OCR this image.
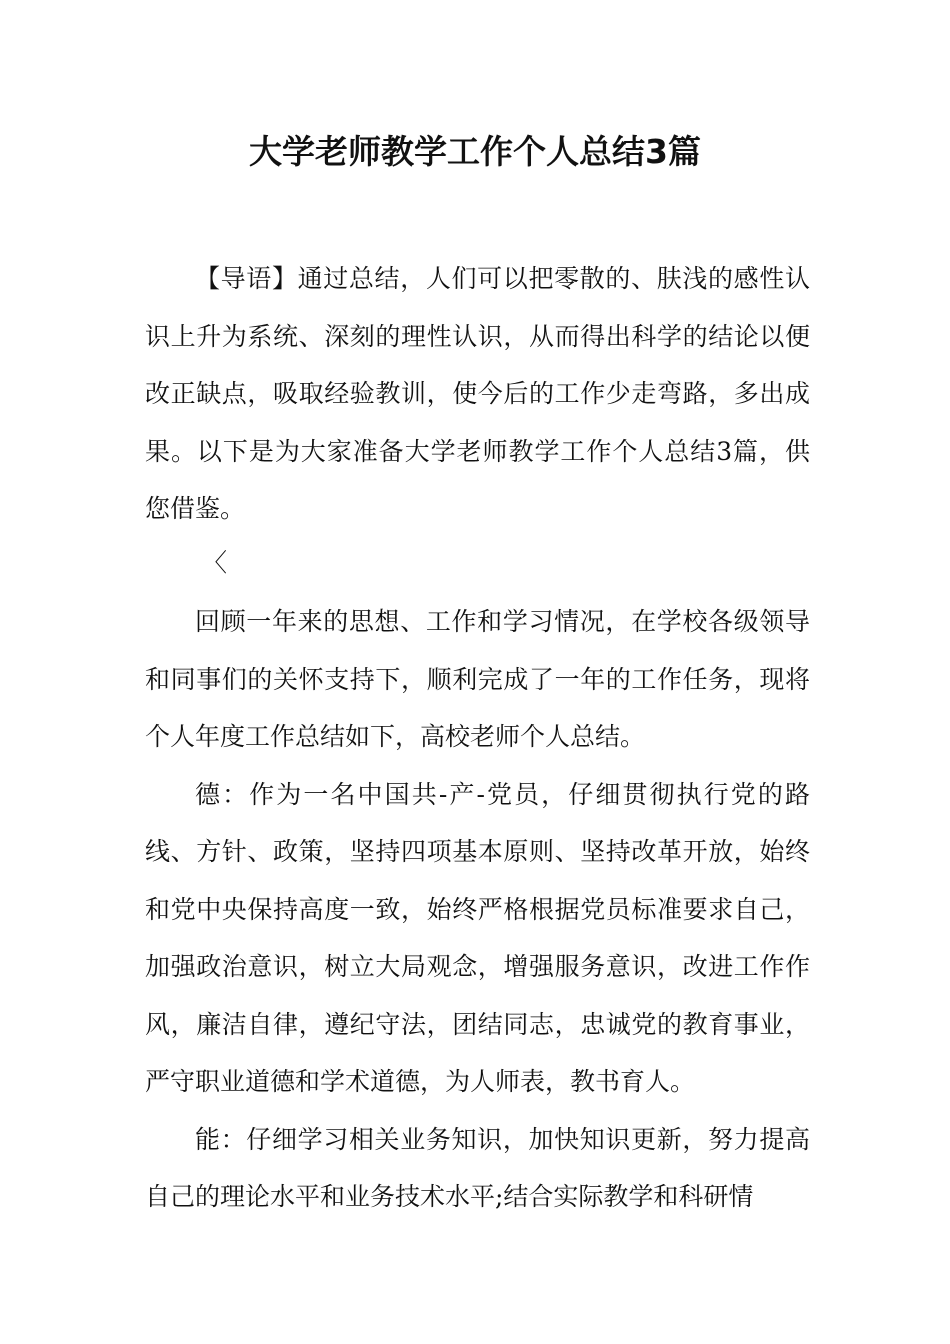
大学老师教学工作个人总结3篇

【导语】通过总结，人们可以把零散的、肤浅的感性认识上升为系统、深刻的理性认识，从而得出科学的结论以便改正缺点，吸取经验教训，使今后的工作少走弯路，多出成果。以下是为大家准备大学老师教学工作个人总结3篇，供您借鉴。

〈

回顾一年来的思想、工作和学习情况，在学校各级领导和同事们的关怀支持下，顺利完成了一年的工作任务，现将个人年度工作总结如下，高校老师个人总结。

德：作为一名中国共-产-党员，仔细贯彻执行党的路线、方针、政策，坚持四项基本原则、坚持改革开放，始终和党中央保持高度一致，始终严格根据党员标准要求自己，加强政治意识，树立大局观念，增强服务意识，改进工作作风，廉洁自律，遵纪守法，团结同志，忠诚党的教育事业，严守职业道德和学术道德，为人师表，教书育人。

能：仔细学习相关业务知识，加快知识更新，努力提高自己的理论水平和业务技术水平;结合实际教学和科研情
